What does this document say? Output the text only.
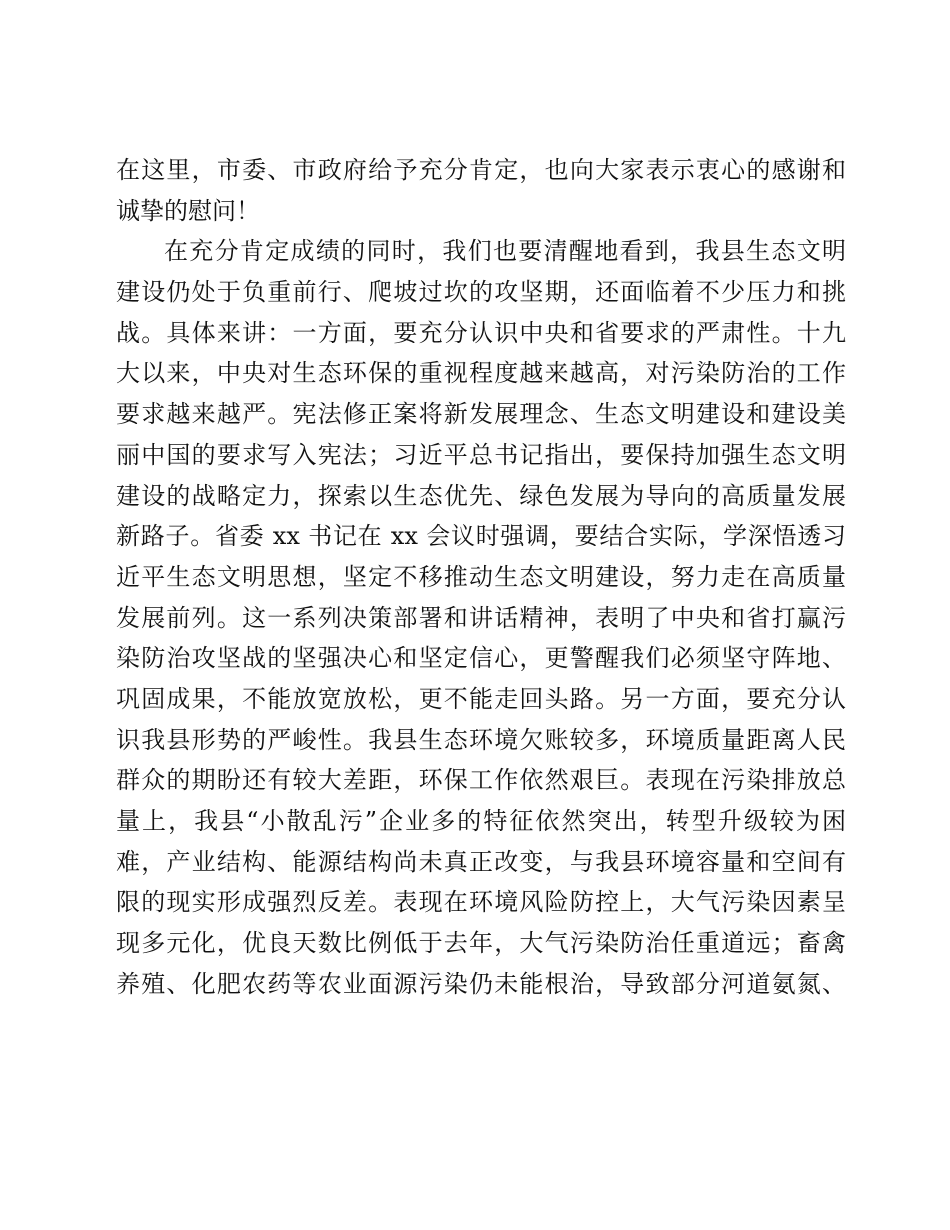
在这里，市委、市政府给予充分肯定，也向大家表示衷心的感谢和
诚挚的慰问！
在充分肯定成绩的同时，我们也要清醒地看到，我县生态文明
建设仍处于负重前行、爬坡过坎的攻坚期，还面临着不少压力和挑
战。具体来讲：一方面，要充分认识中央和省要求的严肃性。十九
大以来，中央对生态环保的重视程度越来越高，对污染防治的工作
要求越来越严。宪法修正案将新发展理念、生态文明建设和建设美
丽中国的要求写入宪法；习近平总书记指出，要保持加强生态文明
建设的战略定力，探索以生态优先、绿色发展为导向的高质量发展
新路子。省委 xx 书记在 xx 会议时强调，要结合实际，学深悟透习
近平生态文明思想，坚定不移推动生态文明建设，努力走在高质量
发展前列。这一系列决策部署和讲话精神，表明了中央和省打赢污
染防治攻坚战的坚强决心和坚定信心，更警醒我们必须坚守阵地、
巩固成果，不能放宽放松，更不能走回头路。另一方面，要充分认
识我县形势的严峻性。我县生态环境欠账较多，环境质量距离人民
群众的期盼还有较大差距，环保工作依然艰巨。表现在污染排放总
量上，我县“小散乱污”企业多的特征依然突出，转型升级较为困
难，产业结构、能源结构尚未真正改变，与我县环境容量和空间有
限的现实形成强烈反差。表现在环境风险防控上，大气污染因素呈
现多元化，优良天数比例低于去年，大气污染防治任重道远；畜禽
养殖、化肥农药等农业面源污染仍未能根治，导致部分河道氨氮、
